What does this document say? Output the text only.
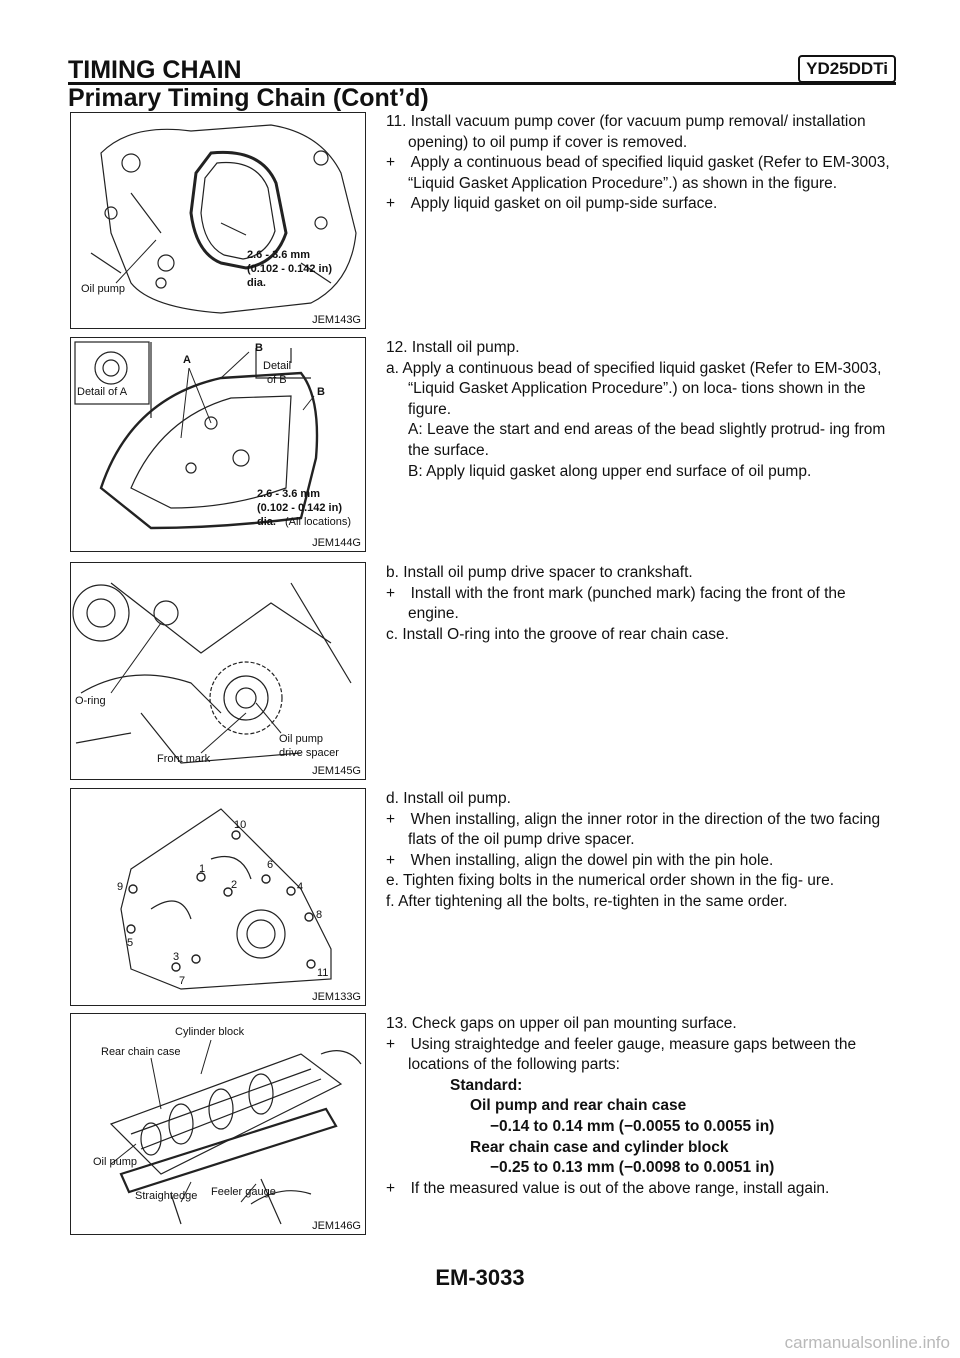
TIMING CHAIN	YD25DDTi
Primary Timing Chain (Cont’d)
Oil pump
2.6 - 3.6 mm
(0.102 - 0.142 in)
dia.
JEM143G
Detail of A
A
B
Detail
of B
B
2.6 - 3.6 mm
(0.102 - 0.142 in)
dia. (All locations)
JEM144G
O-ring
Front mark
Oil pump
drive spacer
JEM145G
10
1	6
9	2	4
8
5
3
7
11
JEM133G
Cylinder block
Rear chain case
Oil pump
Straightedge Feeler gauge
JEM146G

11. Install vacuum pump cover (for vacuum pump removal/ installation opening) to oil pump if cover is removed.

+  Apply a continuous bead of specified liquid gasket (Refer to EM-3003, “Liquid Gasket Application Procedure”.) as shown in the figure.

+  Apply liquid gasket on oil pump-side surface.

12. Install oil pump.

a. Apply a continuous bead of specified liquid gasket (Refer to EM-3003, “Liquid Gasket Application Procedure”.) on loca- tions shown in the figure.

A: Leave the start and end areas of the bead slightly protrud- ing from the surface.

B: Apply liquid gasket along upper end surface of oil pump.

b. Install oil pump drive spacer to crankshaft.

+  Install with the front mark (punched mark) facing the front of the engine.

c. Install O-ring into the groove of rear chain case.

d. Install oil pump.

+  When installing, align the inner rotor in the direction of the two facing flats of the oil pump drive spacer.

+  When installing, align the dowel pin with the pin hole.

e. Tighten fixing bolts in the numerical order shown in the fig- ure.

f. After tightening all the bolts, re-tighten in the same order.

13. Check gaps on upper oil pan mounting surface.

+  Using straightedge and feeler gauge, measure gaps between the locations of the following parts:

Standard:

Oil pump and rear chain case

−0.14 to 0.14 mm (−0.0055 to 0.0055 in)

Rear chain case and cylinder block

−0.25 to 0.13 mm (−0.0098 to 0.0051 in)

+  If the measured value is out of the above range, install again.

EM-3033
carmanualsonline.info
